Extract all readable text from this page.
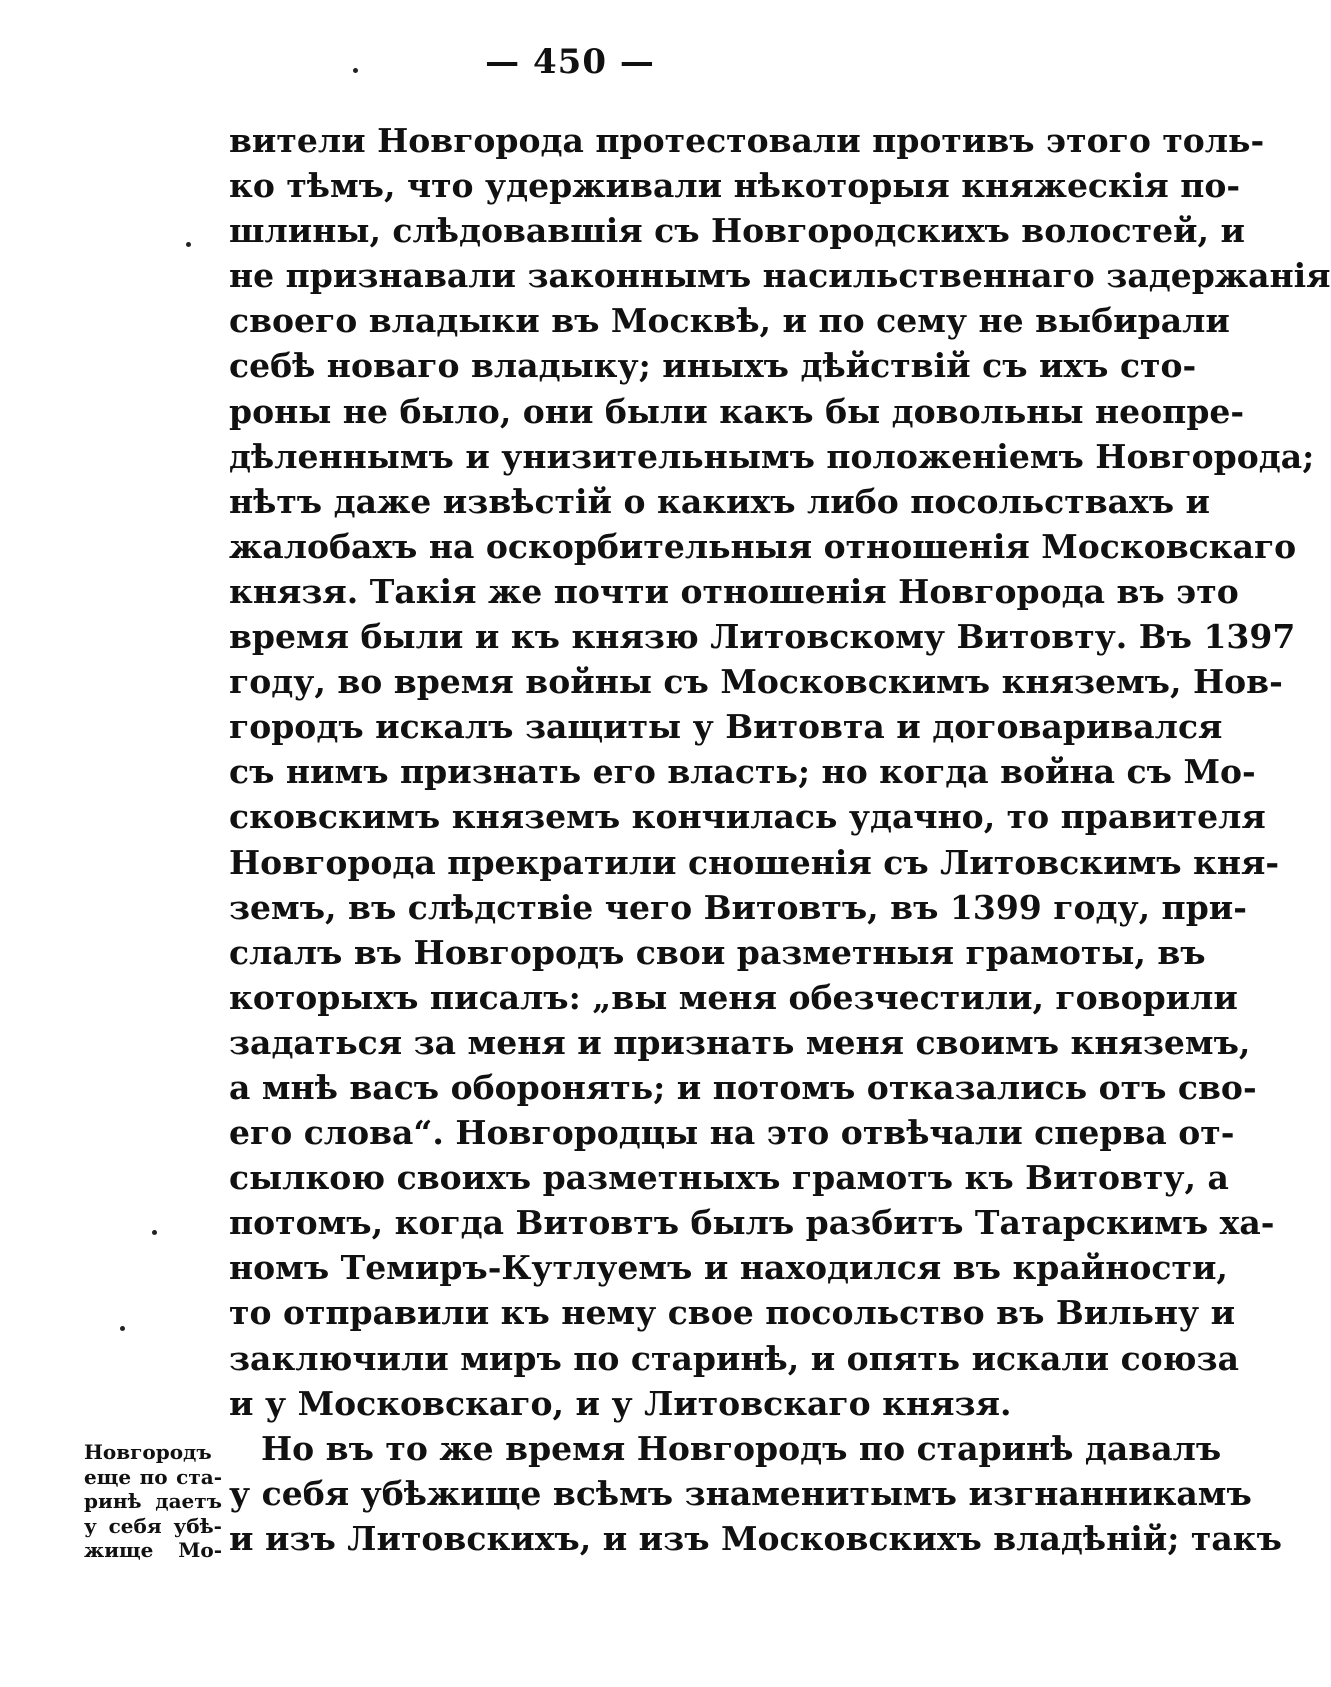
— 450 —
вители Новгорода протестовали противъ этого толь-
ко тѣмъ, что удерживали нѣкоторыя княжескія по-
шлины, слѣдовавшія съ Новгородскихъ волостей, и
не признавали законнымъ насильственнаго задержанія
своего владыки въ Москвѣ, и по сему не выбирали
себѣ новаго владыку; иныхъ дѣйствій съ ихъ сто-
роны не было, они были какъ бы довольны неопре-
дѣленнымъ и унизительнымъ положеніемъ Новгорода;
нѣтъ даже извѣстій о какихъ либо посольствахъ и
жалобахъ на оскорбительныя отношенія Московскаго
князя. Такія же почти отношенія Новгорода въ это
время были и къ князю Литовскому Витовту. Въ 1397
году, во время войны съ Московскимъ княземъ, Нов-
городъ искалъ защиты у Витовта и договаривался
съ нимъ признать его власть; но когда война съ Мо-
сковскимъ княземъ кончилась удачно, то правителя
Новгорода прекратили сношенія съ Литовскимъ кня-
земъ, въ слѣдствіе чего Витовтъ, въ 1399 году, при-
слалъ въ Новгородъ свои разметныя грамоты, въ
которыхъ писалъ: „вы меня обезчестили, говорили
задаться за меня и признать меня своимъ княземъ,
а мнѣ васъ оборонять; и потомъ отказались отъ сво-
его слова“. Новгородцы на это отвѣчали сперва от-
сылкою своихъ разметныхъ грамотъ къ Витовту, а
потомъ, когда Витовтъ былъ разбитъ Татарскимъ ха-
номъ Темиръ-Кутлуемъ и находился въ крайности,
то отправили къ нему свое посольство въ Вильну и
заключили миръ по старинѣ, и опять искали союза
и у Московскаго, и у Литовскаго князя.
Но въ то же время Новгородъ по старинѣ давалъ
у себя убѣжище всѣмъ знаменитымъ изгнанникамъ
и изъ Литовскихъ, и изъ Московскихъ владѣній; такъ
Новгородъ
еще по ста-
ринѣ даетъ
у себя убѣ-
жище Мо-
